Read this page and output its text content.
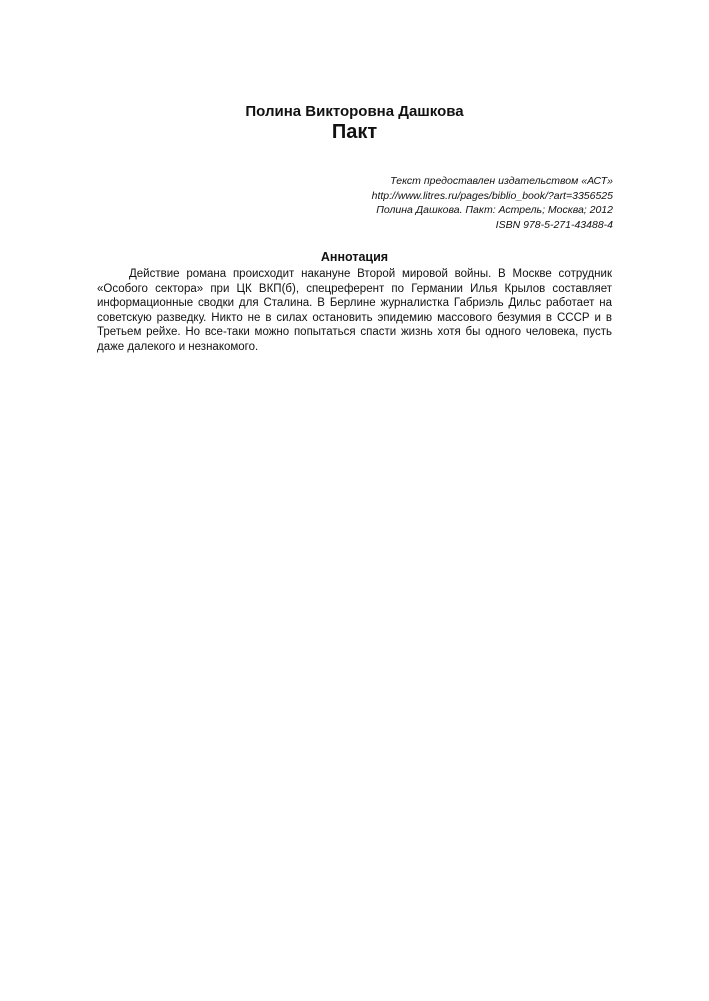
Полина Викторовна Дашкова
Пакт
Текст предоставлен издательством «АСТ»
http://www.litres.ru/pages/biblio_book/?art=3356525
Полина Дашкова. Пакт: Астрель; Москва; 2012
ISBN 978-5-271-43488-4
Аннотация
Действие романа происходит накануне Второй мировой войны. В Москве сотрудник «Особого сектора» при ЦК ВКП(б), спецреферент по Германии Илья Крылов составляет информационные сводки для Сталина. В Берлине журналистка Габриэль Дильс работает на советскую разведку. Никто не в силах остановить эпидемию массового безумия в СССР и в Третьем рейхе. Но все-таки можно попытаться спасти жизнь хотя бы одного человека, пусть даже далекого и незнакомого.
